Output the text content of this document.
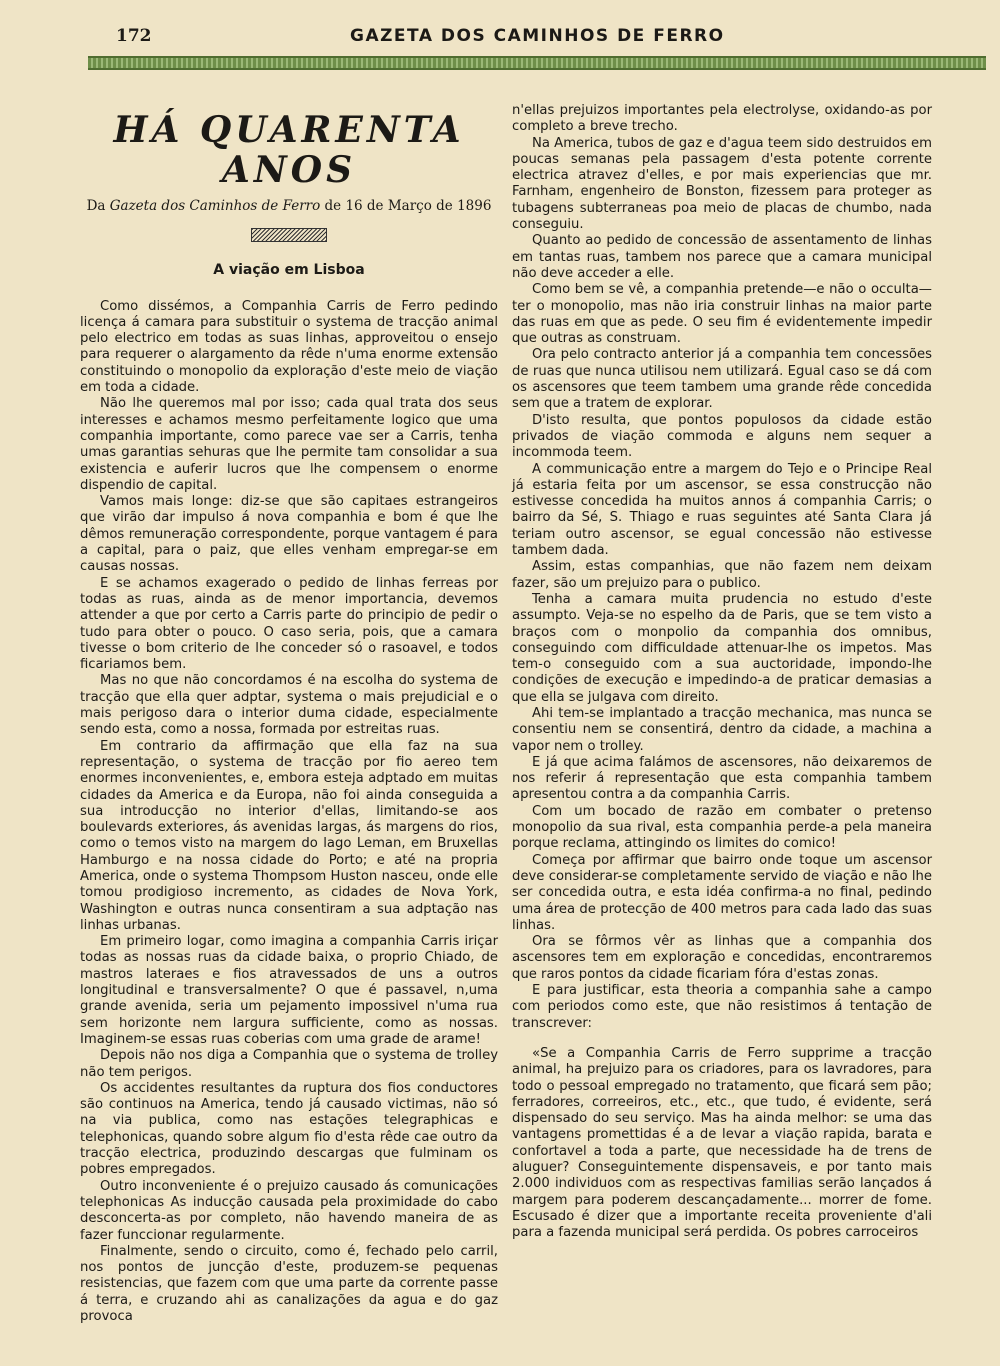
172	GAZETA DOS CAMINHOS DE FERRO
HÁ QUARENTA ANOS
Da Gazeta dos Caminhos de Ferro de 16 de Março de 1896
A viação em Lisboa

Como dissémos, a Companhia Carris de Ferro pedindo licença á camara para substituir o systema de tracção animal pelo electrico em todas as suas linhas, approveitou o ensejo para requerer o alargamento da rêde n'uma enorme extensão constituindo o monopolio da exploração d'este meio de viação em toda a cidade.

Não lhe queremos mal por isso; cada qual trata dos seus interesses e achamos mesmo perfeitamente logico que uma companhia importante, como parece vae ser a Carris, tenha umas garantias sehuras que lhe permite tam consolidar a sua existencia e auferir lucros que lhe compensem o enorme dispendio de capital.

Vamos mais longe: diz-se que são capitaes estrangeiros que virão dar impulso á nova companhia e bom é que lhe dêmos remuneração correspondente, porque vantagem é para a capital, para o paiz, que elles venham empregar-se em causas nossas.

E se achamos exagerado o pedido de linhas ferreas por todas as ruas, ainda as de menor importancia, devemos attender a que por certo a Carris parte do principio de pedir o tudo para obter o pouco. O caso seria, pois, que a camara tivesse o bom criterio de lhe conceder só o rasoavel, e todos ficariamos bem.

Mas no que não concordamos é na escolha do systema de tracção que ella quer adptar, systema o mais prejudicial e o mais perigoso dara o interior duma cidade, especialmente sendo esta, como a nossa, formada por estreitas ruas.

Em contrario da affirmação que ella faz na sua representação, o systema de tracção por fio aereo tem enormes inconvenientes, e, embora esteja adptado em muitas cidades da America e da Europa, não foi ainda conseguida a sua introducção no interior d'ellas, limitando-se aos boulevards exteriores, ás avenidas largas, ás margens do rios, como o temos visto na margem do lago Leman, em Bruxellas Hamburgo e na nossa cidade do Porto; e até na propria America, onde o systema Thompsom Huston nasceu, onde elle tomou prodigioso incremento, as cidades de Nova York, Washington e outras nunca consentiram a sua adptação nas linhas urbanas.

Em primeiro logar, como imagina a companhia Carris iriçar todas as nossas ruas da cidade baixa, o proprio Chiado, de mastros lateraes e fios atravessados de uns a outros longitudinal e transversalmente? O que é passavel, n,uma grande avenida, seria um pejamento impossivel n'uma rua sem horizonte nem largura sufficiente, como as nossas. Imaginem-se essas ruas coberias com uma grade de arame!

Depois não nos diga a Companhia que o systema de trolley não tem perigos.

Os accidentes resultantes da ruptura dos fios conductores são continuos na America, tendo já causado victimas, não só na via publica, como nas estações telegraphicas e telephonicas, quando sobre algum fio d'esta rêde cae outro da tracção electrica, produzindo descargas que fulminam os pobres empregados.

Outro inconveniente é o prejuizo causado ás comunicações telephonicas As inducção causada pela proximidade do cabo desconcerta-as por completo, não havendo maneira de as fazer funccionar regularmente.

Finalmente, sendo o circuito, como é, fechado pelo carril, nos pontos de juncção d'este, produzem-se pequenas resistencias, que fazem com que uma parte da corrente passe á terra, e cruzando ahi as canalizações da agua e do gaz provoca

n'ellas prejuizos importantes pela electrolyse, oxidando-as por completo a breve trecho.

Na America, tubos de gaz e d'agua teem sido destruidos em poucas semanas pela passagem d'esta potente corrente electrica atravez d'elles, e por mais experiencias que mr. Farnham, engenheiro de Bonston, fizessem para proteger as tubagens subterraneas poa meio de placas de chumbo, nada conseguiu.

Quanto ao pedido de concessão de assentamento de linhas em tantas ruas, tambem nos parece que a camara municipal não deve acceder a elle.

Como bem se vê, a companhia pretende—e não o occulta—ter o monopolio, mas não iria construir linhas na maior parte das ruas em que as pede. O seu fim é evidentemente impedir que outras as construam.

Ora pelo contracto anterior já a companhia tem concessões de ruas que nunca utilisou nem utilizará. Egual caso se dá com os ascensores que teem tambem uma grande rêde concedida sem que a tratem de explorar.

D'isto resulta, que pontos populosos da cidade estão privados de viação commoda e alguns nem sequer a incommoda teem.

A communicação entre a margem do Tejo e o Principe Real já estaria feita por um ascensor, se essa construcção não estivesse concedida ha muitos annos á companhia Carris; o bairro da Sé, S. Thiago e ruas seguintes até Santa Clara já teriam outro ascensor, se egual concessão não estivesse tambem dada.

Assim, estas companhias, que não fazem nem deixam fazer, são um prejuizo para o publico.

Tenha a camara muita prudencia no estudo d'este assumpto. Veja-se no espelho da de Paris, que se tem visto a braços com o monpolio da companhia dos omnibus, conseguindo com difficuldade attenuar-lhe os impetos. Mas tem-o conseguido com a sua auctoridade, impondo-lhe condições de execução e impedindo-a de praticar demasias a que ella se julgava com direito.

Ahi tem-se implantado a tracção mechanica, mas nunca se consentiu nem se consentirá, dentro da cidade, a machina a vapor nem o trolley.

E já que acima falámos de ascensores, não deixaremos de nos referir á representação que esta companhia tambem apresentou contra a da companhia Carris.

Com um bocado de razão em combater o pretenso monopolio da sua rival, esta companhia perde-a pela maneira porque reclama, attingindo os limites do comico!

Começa por affirmar que bairro onde toque um ascensor deve considerar-se completamente servido de viação e não lhe ser concedida outra, e esta idéa confirma-a no final, pedindo uma área de protecção de 400 metros para cada lado das suas linhas.

Ora se fôrmos vêr as linhas que a companhia dos ascensores tem em exploração e concedidas, encontraremos que raros pontos da cidade ficariam fóra d'estas zonas.

E para justificar, esta theoria a companhia sahe a campo com periodos como este, que não resistimos á tentação de transcrever:

«Se a Companhia Carris de Ferro supprime a tracção animal, ha prejuizo para os criadores, para os lavradores, para todo o pessoal empregado no tratamento, que ficará sem pão; ferradores, correeiros, etc., etc., que tudo, é evidente, será dispensado do seu serviço. Mas ha ainda melhor: se uma das vantagens promettidas é a de levar a viação rapida, barata e confortavel a toda a parte, que necessidade ha de trens de aluguer? Conseguintemente dispensaveis, e por tanto mais 2.000 individuos com as respectivas familias serão lançados á margem para poderem descançadamente... morrer de fome. Escusado é dizer que a importante receita proveniente d'ali para a fazenda municipal será perdida. Os pobres carroceiros
